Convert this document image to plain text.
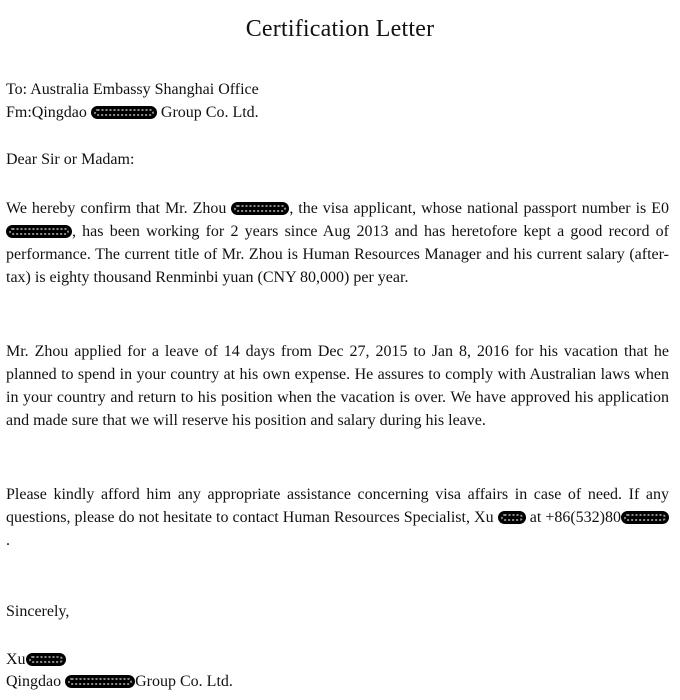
Certification Letter
To: Australia Embassy Shanghai Office
Fm:Qingdao	Group Co. Ltd.
Dear Sir or Madam:
We hereby confirm that Mr. Zhou	, the visa applicant, whose national passport number is E0, has been working for 2 years since Aug 2013 and has heretofore kept a good record of performance. The current title of Mr. Zhou is Human Resources Manager and his current salary (after-tax) is eighty thousand Renminbi yuan (CNY 80,000) per year.
Mr. Zhou applied for a leave of 14 days from Dec 27, 2015 to Jan 8, 2016 for his vacation that he planned to spend in your country at his own expense. He assures to comply with Australian laws when in your country and return to his position when the vacation is over. We have approved his application and made sure that we will reserve his position and salary during his leave.
Please kindly afford him any appropriate assistance concerning visa affairs in case of need. If any questions, please do not hesitate to contact Human Resources Specialist, Xu  at +86(532)80.
Sincerely,
Xu
Qingdao	Group Co. Ltd.
